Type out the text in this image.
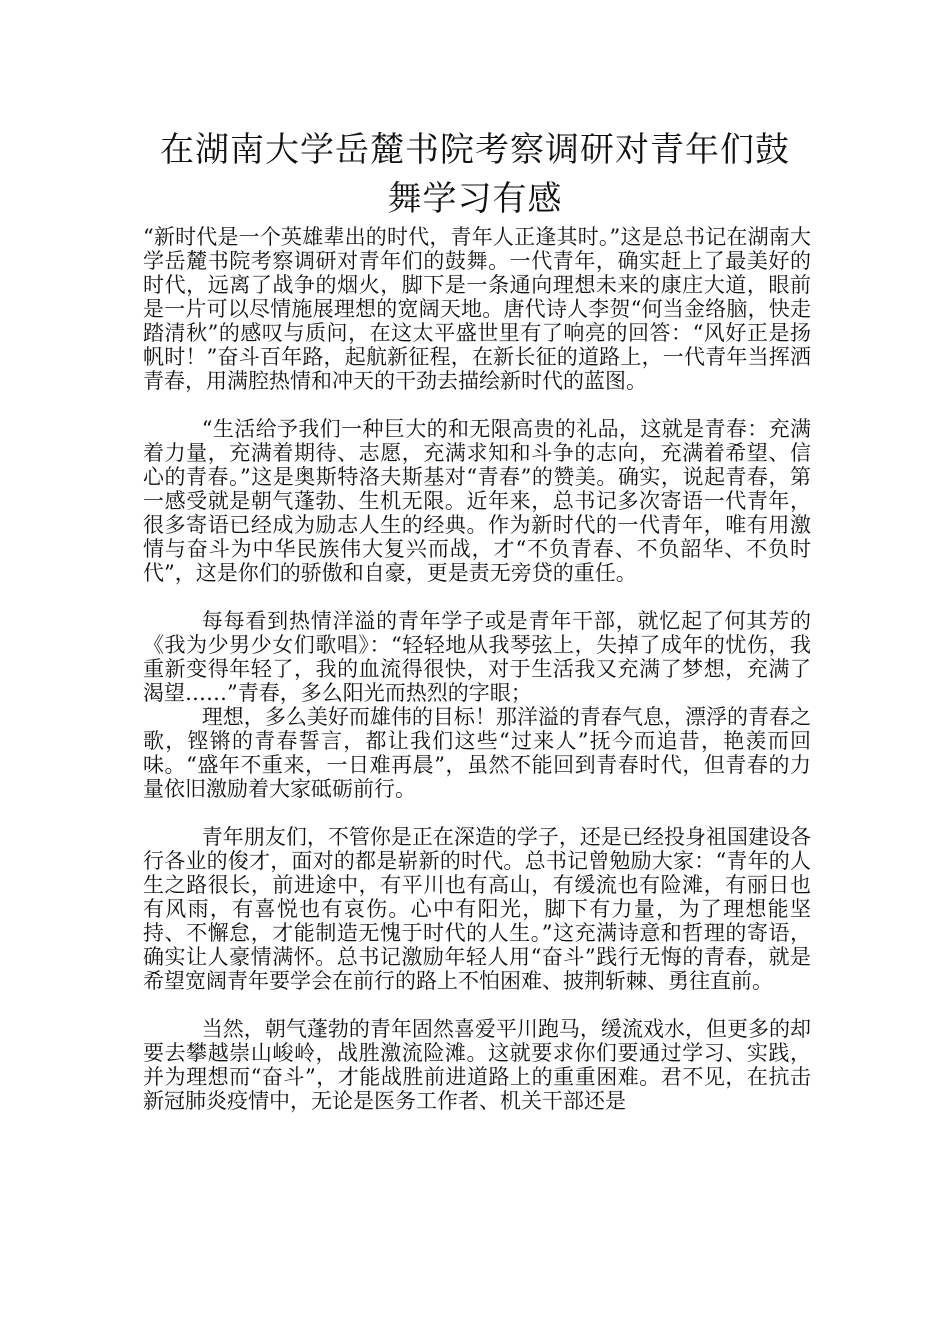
在湖南大学岳麓书院考察调研对青年们鼓
舞学习有感

“新时代是一个英雄辈出的时代，青年人正逢其时。”这是总书记在湖南大学岳麓书院考察调研对青年们的鼓舞。一代青年，确实赶上了最美好的时代，远离了战争的烟火，脚下是一条通向理想未来的康庄大道，眼前是一片可以尽情施展理想的宽阔天地。唐代诗人李贺“何当金络脑，快走踏清秋”的感叹与质问，在这太平盛世里有了响亮的回答：“风好正是扬帆时！”奋斗百年路，起航新征程，在新长征的道路上，一代青年当挥洒青春，用满腔热情和冲天的干劲去描绘新时代的蓝图。

“生活给予我们一种巨大的和无限高贵的礼品，这就是青春：充满着力量，充满着期待、志愿，充满求知和斗争的志向，充满着希望、信心的青春。”这是奥斯特洛夫斯基对“青春”的赞美。确实，说起青春，第一感受就是朝气蓬勃、生机无限。近年来，总书记多次寄语一代青年，很多寄语已经成为励志人生的经典。作为新时代的一代青年，唯有用激情与奋斗为中华民族伟大复兴而战，才“不负青春、不负韶华、不负时代”，这是你们的骄傲和自豪，更是责无旁贷的重任。

每每看到热情洋溢的青年学子或是青年干部，就忆起了何其芳的《我为少男少女们歌唱》：“轻轻地从我琴弦上，失掉了成年的忧伤，我重新变得年轻了，我的血流得很快，对于生活我又充满了梦想，充满了渴望……”青春，多么阳光而热烈的字眼；

理想，多么美好而雄伟的目标！那洋溢的青春气息，漂浮的青春之歌，铿锵的青春誓言，都让我们这些“过来人”抚今而追昔，艳羡而回味。“盛年不重来，一日难再晨”，虽然不能回到青春时代，但青春的力量依旧激励着大家砥砺前行。

青年朋友们，不管你是正在深造的学子，还是已经投身祖国建设各行各业的俊才，面对的都是崭新的时代。总书记曾勉励大家：“青年的人生之路很长，前进途中，有平川也有高山，有缓流也有险滩，有丽日也有风雨，有喜悦也有哀伤。心中有阳光，脚下有力量，为了理想能坚持、不懈怠，才能制造无愧于时代的人生。”这充满诗意和哲理的寄语，确实让人豪情满怀。总书记激励年轻人用“奋斗”践行无悔的青春，就是希望宽阔青年要学会在前行的路上不怕困难、披荆斩棘、勇往直前。

当然，朝气蓬勃的青年固然喜爱平川跑马，缓流戏水，但更多的却要去攀越崇山峻岭，战胜激流险滩。这就要求你们要通过学习、实践，并为理想而“奋斗”，才能战胜前进道路上的重重困难。君不见，在抗击新冠肺炎疫情中，无论是医务工作者、机关干部还是
